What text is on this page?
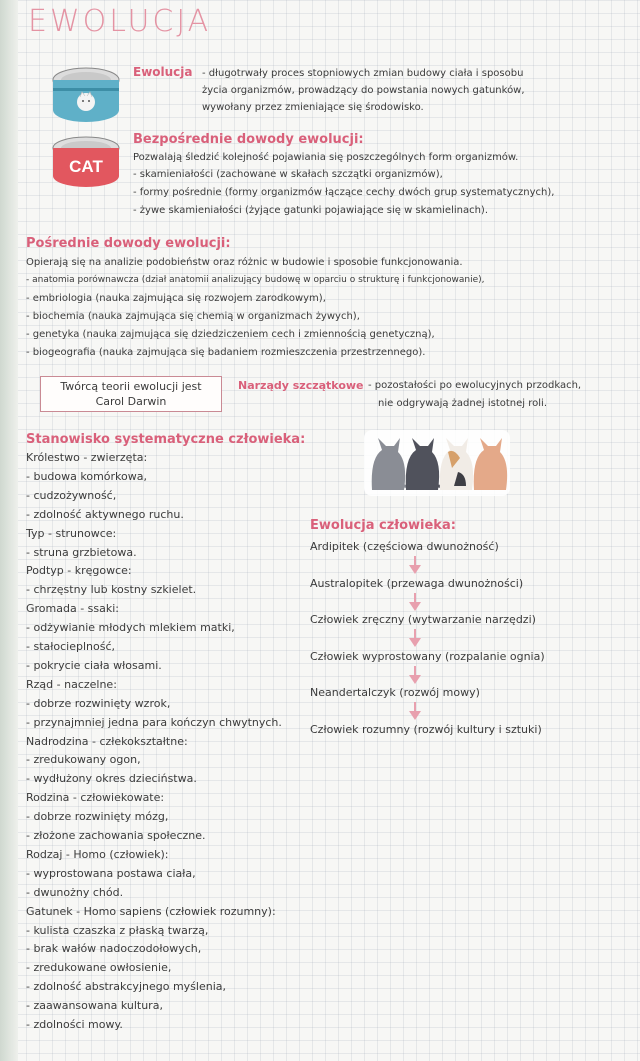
EWOLUCJA
CAT
Ewolucja - długotrwały proces stopniowych zmian budowy ciała i sposobu
życia organizmów, prowadzący do powstania nowych gatunków,
wywołany przez zmieniające się środowisko.
Bezpośrednie dowody ewolucji:
Pozwalają śledzić kolejność pojawiania się poszczególnych form organizmów.
- skamieniałości (zachowane w skałach szczątki organizmów),
- formy pośrednie (formy organizmów łączące cechy dwóch grup systematycznych),
- żywe skamieniałości (żyjące gatunki pojawiające się w skamielinach).
Pośrednie dowody ewolucji:
Opierają się na analizie podobieństw oraz różnic w budowie i sposobie funkcjonowania.
- anatomia porównawcza (dział anatomii analizujący budowę w oparciu o strukturę i funkcjonowanie),
- embriologia (nauka zajmująca się rozwojem zarodkowym),
- biochemia (nauka zajmująca się chemią w organizmach żywych),
- genetyka (nauka zajmująca się dziedziczeniem cech i zmiennością genetyczną),
- biogeografia (nauka zajmująca się badaniem rozmieszczenia przestrzennego).
Twórcą teorii ewolucji jest
Carol Darwin
Narządy szczątkowe - pozostałości po ewolucyjnych przodkach,
nie odgrywają żadnej istotnej roli.
Stanowisko systematyczne człowieka:
Królestwo - zwierzęta:
- budowa komórkowa,
- cudzożywność,
- zdolność aktywnego ruchu.
Typ - strunowce:
- struna grzbietowa.
Podtyp - kręgowce:
- chrzęstny lub kostny szkielet.
Gromada - ssaki:
- odżywianie młodych mlekiem matki,
- stałocieplność,
- pokrycie ciała włosami.
Rząd - naczelne:
- dobrze rozwinięty wzrok,
- przynajmniej jedna para kończyn chwytnych.
Nadrodzina - człekokształtne:
- zredukowany ogon,
- wydłużony okres dzieciństwa.
Rodzina - człowiekowate:
- dobrze rozwinięty mózg,
- złożone zachowania społeczne.
Rodzaj - Homo (człowiek):
- wyprostowana postawa ciała,
- dwunożny chód.
Gatunek - Homo sapiens (człowiek rozumny):
- kulista czaszka z płaską twarzą,
- brak wałów nadoczodołowych,
- zredukowane owłosienie,
- zdolność abstrakcyjnego myślenia,
- zaawansowana kultura,
- zdolności mowy.
Ewolucja człowieka:
Ardipitek (częściowa dwunożność)
Australopitek (przewaga dwunożności)
Człowiek zręczny (wytwarzanie narzędzi)
Człowiek wyprostowany (rozpalanie ognia)
Neandertalczyk (rozwój mowy)
Człowiek rozumny (rozwój kultury i sztuki)
